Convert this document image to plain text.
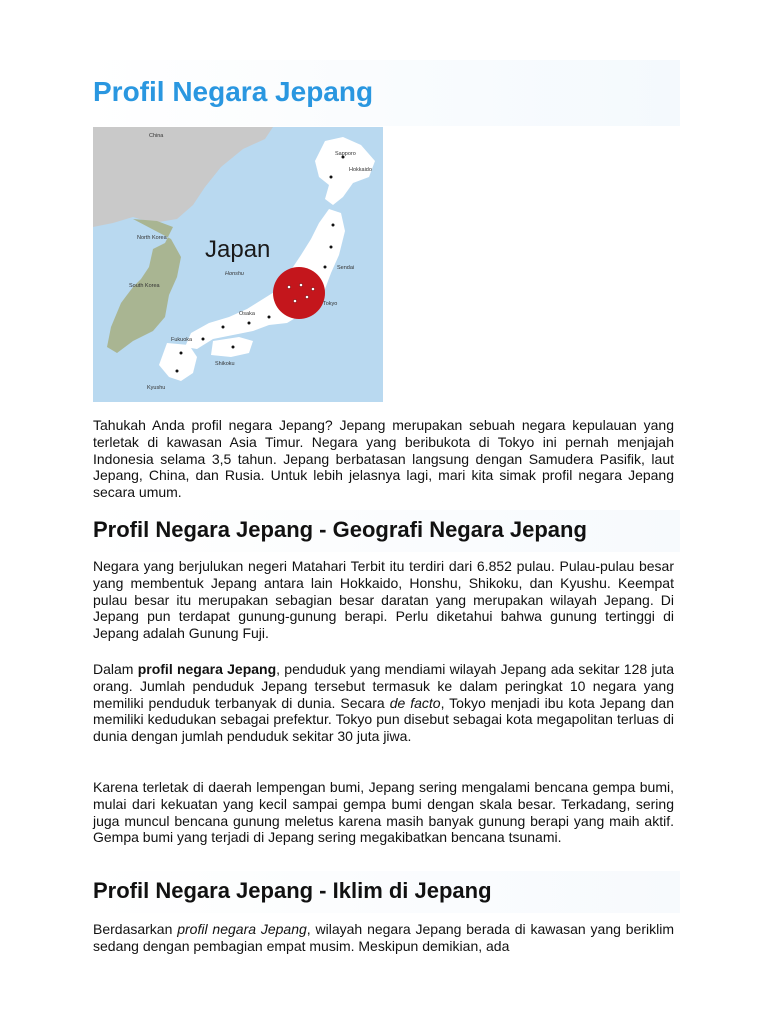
Profil Negara Jepang
Japan
China
North Korea
South Korea
Hokkaido
Honshu
Shikoku
Kyushu
Sapporo
Sendai
Tokyo
Osaka
Fukuoka

Tahukah Anda profil negara Jepang? Jepang merupakan sebuah negara kepulauan yang terletak di kawasan Asia Timur. Negara yang beribukota di Tokyo ini pernah menjajah Indonesia selama 3,5 tahun. Jepang berbatasan langsung dengan Samudera Pasifik, laut Jepang, China, dan Rusia. Untuk lebih jelasnya lagi, mari kita simak profil negara Jepang secara umum.

Profil Negara Jepang - Geografi Negara Jepang

Negara yang berjulukan negeri Matahari Terbit itu terdiri dari 6.852 pulau. Pulau-pulau besar yang membentuk Jepang antara lain Hokkaido, Honshu, Shikoku, dan Kyushu. Keempat pulau besar itu merupakan sebagian besar daratan yang merupakan wilayah Jepang. Di Jepang pun terdapat gunung-gunung berapi. Perlu diketahui bahwa gunung tertinggi di Jepang adalah Gunung Fuji.

Dalam profil negara Jepang, penduduk yang mendiami wilayah Jepang ada sekitar 128 juta orang. Jumlah penduduk Jepang tersebut termasuk ke dalam peringkat 10 negara yang memiliki penduduk terbanyak di dunia. Secara de facto, Tokyo menjadi ibu kota Jepang dan memiliki kedudukan sebagai prefektur. Tokyo pun disebut sebagai kota megapolitan terluas di dunia dengan jumlah penduduk sekitar 30 juta jiwa.

Karena terletak di daerah lempengan bumi, Jepang sering mengalami bencana gempa bumi, mulai dari kekuatan yang kecil sampai gempa bumi dengan skala besar. Terkadang, sering juga muncul bencana gunung meletus karena masih banyak gunung berapi yang maih aktif. Gempa bumi yang terjadi di Jepang sering megakibatkan bencana tsunami.

Profil Negara Jepang - Iklim di Jepang

Berdasarkan profil negara Jepang, wilayah negara Jepang berada di kawasan yang beriklim sedang dengan pembagian empat musim. Meskipun demikian, ada
